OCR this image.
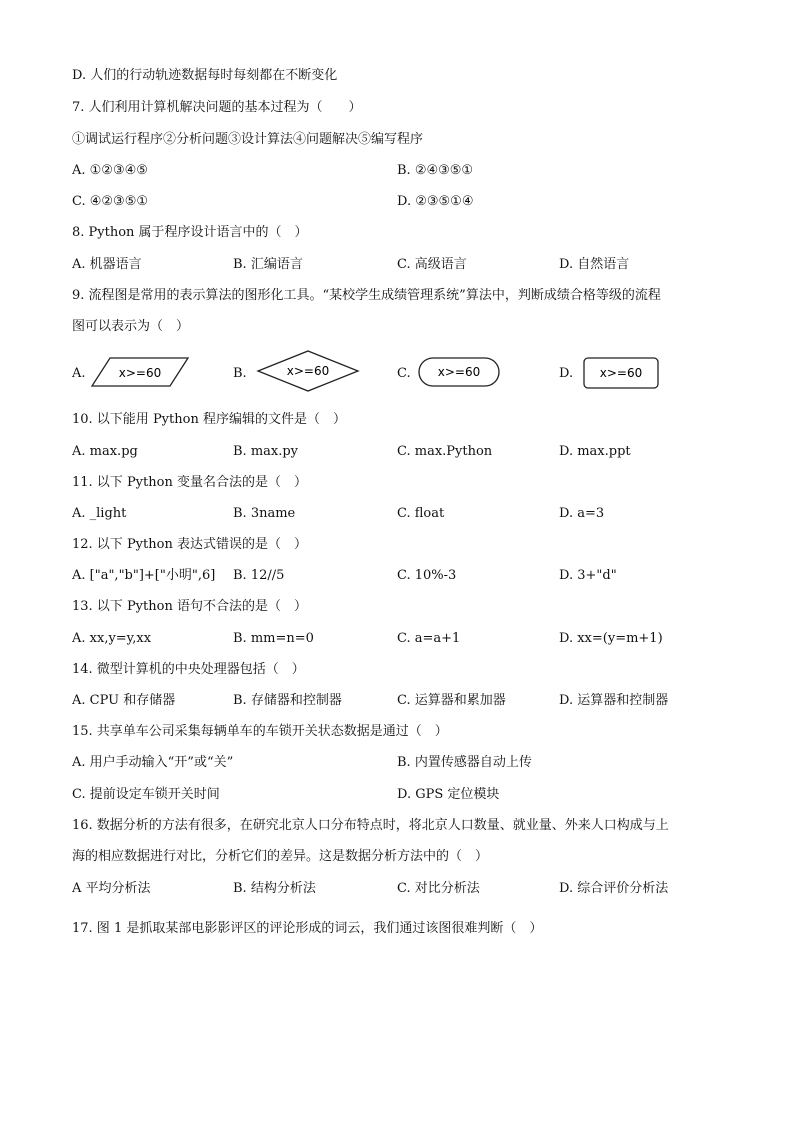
D. 人们的行动轨迹数据每时每刻都在不断变化
7. 人们利用计算机解决问题的基本过程为（　　）
①调试运行程序②分析问题③设计算法④问题解决⑤编写程序
A. ①②③④⑤	B. ②④③⑤①
C. ④②③⑤①	D. ②③⑤①④
8. Python 属于程序设计语言中的（　）
A. 机器语言	B. 汇编语言	C. 高级语言	D. 自然语言
9. 流程图是常用的表示算法的图形化工具。“某校学生成绩管理系统”算法中，判断成绩合格等级的流程
图可以表示为（　）
A.	x>=60	B.	x>=60	C. x>=60	D. x>=60
10. 以下能用 Python 程序编辑的文件是（　）
A. max.pg	B. max.py	C. max.Python	D. max.ppt
11. 以下 Python 变量名合法的是（　）
A. _light	B. 3name	C. float	D. a=3
12. 以下 Python 表达式错误的是（　）
A. ["a","b"]+["小明",6] B. 12//5	C. 10%-3	D. 3+"d"
13. 以下 Python 语句不合法的是（　）
A. xx,y=y,xx	B. mm=n=0	C. a=a+1	D. xx=(y=m+1)
14. 微型计算机的中央处理器包括（　）
A. CPU 和存储器	B. 存储器和控制器	C. 运算器和累加器	D. 运算器和控制器
15. 共享单车公司采集每辆单车的车锁开关状态数据是通过（　）
A. 用户手动输入“开”或“关”	B. 内置传感器自动上传
C. 提前设定车锁开关时间	D. GPS 定位模块
16. 数据分析的方法有很多，在研究北京人口分布特点时，将北京人口数量、就业量、外来人口构成与上
海的相应数据进行对比，分析它们的差异。这是数据分析方法中的（　）
A 平均分析法	B. 结构分析法	C. 对比分析法	D. 综合评价分析法
17. 图 1 是抓取某部电影影评区的评论形成的词云，我们通过该图很难判断（　）
